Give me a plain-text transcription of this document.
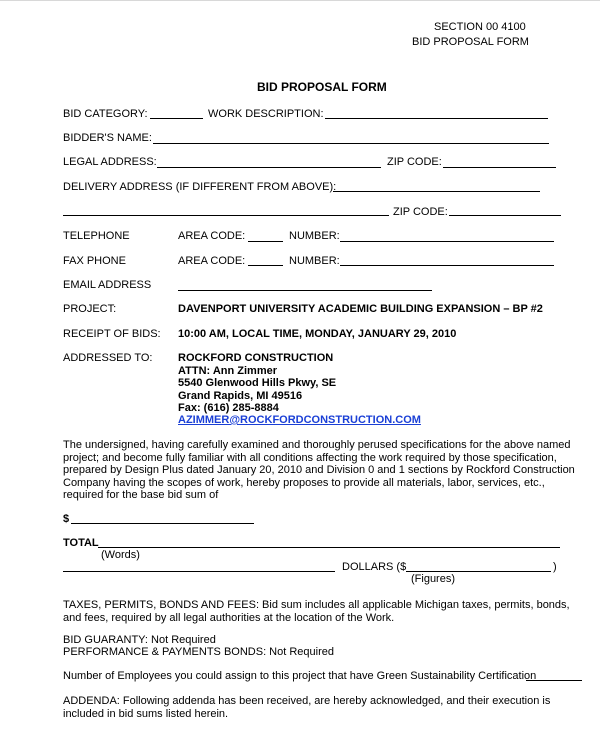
SECTION 00 4100
BID PROPOSAL FORM
BID PROPOSAL FORM
BID CATEGORY:	WORK DESCRIPTION:
BIDDER'S NAME:
LEGAL ADDRESS:	ZIP CODE:
DELIVERY ADDRESS (IF DIFFERENT FROM ABOVE):
ZIP CODE:
TELEPHONE	AREA CODE:	NUMBER:
FAX PHONE	AREA CODE:	NUMBER:
EMAIL ADDRESS
PROJECT:	DAVENPORT UNIVERSITY ACADEMIC BUILDING EXPANSION – BP #2
RECEIPT OF BIDS: 10:00 AM, LOCAL TIME, MONDAY, JANUARY 29, 2010
ADDRESSED TO: ROCKFORD CONSTRUCTION
ATTN: Ann Zimmer
5540 Glenwood Hills Pkwy, SE
Grand Rapids, MI 49516
Fax: (616) 285-8884
AZIMMER@ROCKFORDCONSTRUCTION.COM
The undersigned, having carefully examined and thoroughly perused specifications for the above named project; and become fully familiar with all conditions affecting the work required by those specification, prepared by Design Plus dated January 20, 2010 and Division 0 and 1 sections by Rockford Construction Company having the scopes of work, hereby proposes to provide all materials, labor, services, etc., required for the base bid sum of
$
TOTAL
(Words)
DOLLARS ($	)
(Figures)
TAXES, PERMITS, BONDS AND FEES: Bid sum includes all applicable Michigan taxes, permits, bonds, and fees, required by all legal authorities at the location of the Work.
BID GUARANTY: Not Required
PERFORMANCE & PAYMENTS BONDS: Not Required
Number of Employees you could assign to this project that have Green Sustainability Certification
ADDENDA: Following addenda has been received, are hereby acknowledged, and their execution is included in bid sums listed herein.
